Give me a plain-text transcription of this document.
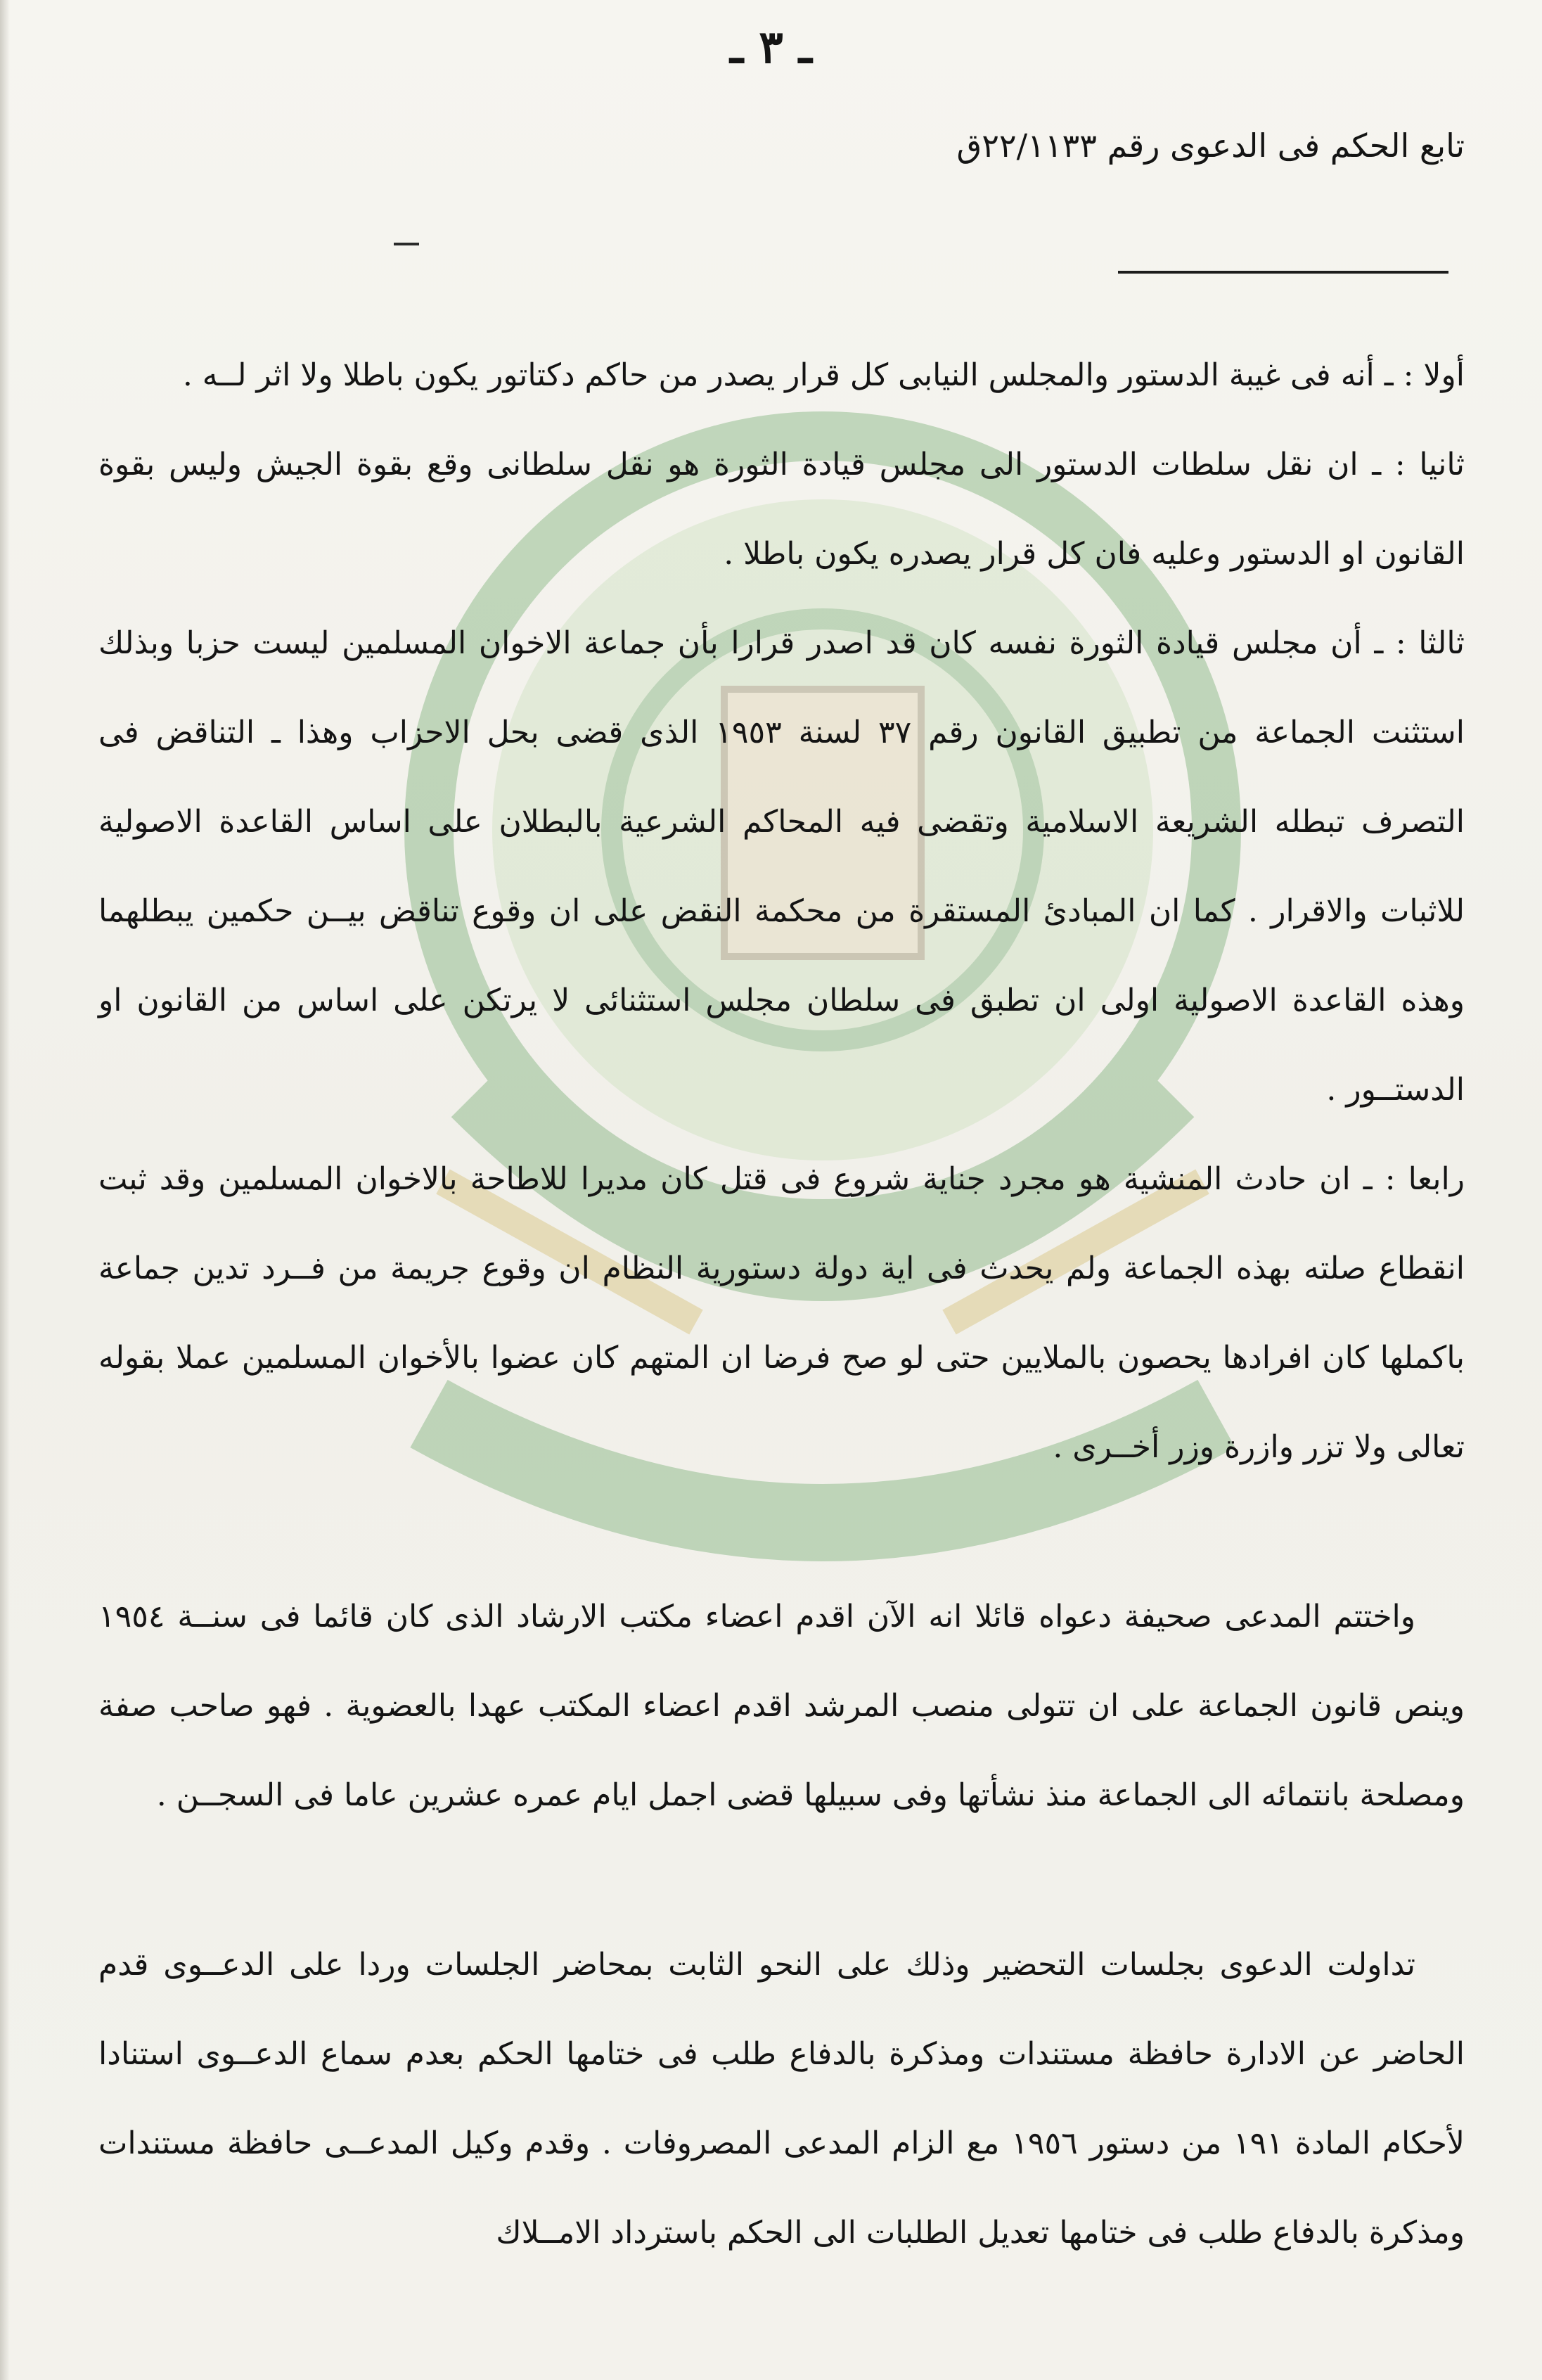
ـ ٣ ـ
تابع الحكم فى الدعوى رقم ٢٢/١١٣٣ق

أولا : ـ أنه فى غيبة الدستور والمجلس النيابى كل قرار يصدر من حاكم دكتاتور يكون باطلا ولا اثر لــه .

ثانيا : ـ ان نقل سلطات الدستور الى مجلس قيادة الثورة هو نقل سلطانى وقع بقوة الجيش وليس بقوة القانون او الدستور وعليه فان كل قرار يصدره يكون باطلا .

ثالثا : ـ أن مجلس قيادة الثورة نفسه كان قد اصدر قرارا بأن جماعة الاخوان المسلمين ليست حزبا وبذلك استثنت الجماعة من تطبيق القانون رقم ٣٧ لسنة ١٩٥٣ الذى قضى بحل الاحزاب وهذا ـ التناقض فى التصرف تبطله الشريعة الاسلامية وتقضى فيه المحاكم الشرعية بالبطلان على اساس القاعدة الاصولية للاثبات والاقرار . كما ان المبادئ المستقرة من محكمة النقض على ان وقوع تناقض بيــن حكمين يبطلهما وهذه القاعدة الاصولية اولى ان تطبق فى سلطان مجلس استثنائى لا يرتكن على اساس من القانون او الدستــور .

رابعا : ـ ان حادث المنشية هو مجرد جناية شروع فى قتل كان مديرا للاطاحة بالاخوان المسلمين وقد ثبت انقطاع صلته بهذه الجماعة ولم يحدث فى اية دولة دستورية النظام ان وقوع جريمة من فــرد تدين جماعة باكملها كان افرادها يحصون بالملايين حتى لو صح فرضا ان المتهم كان عضوا بالأخوان المسلمين عملا بقوله تعالى ولا تزر وازرة وزر أخــرى .

واختتم المدعى صحيفة دعواه قائلا انه الآن اقدم اعضاء مكتب الارشاد الذى كان قائما فى سنــة ١٩٥٤ وينص قانون الجماعة على ان تتولى منصب المرشد اقدم اعضاء المكتب عهدا بالعضوية . فهو صاحب صفة ومصلحة بانتمائه الى الجماعة منذ نشأتها وفى سبيلها قضى اجمل ايام عمره عشرين عاما فى السجــن .

تداولت الدعوى بجلسات التحضير وذلك على النحو الثابت بمحاضر الجلسات وردا على الدعــوى قدم الحاضر عن الادارة حافظة مستندات ومذكرة بالدفاع طلب فى ختامها الحكم بعدم سماع الدعــوى استنادا لأحكام المادة ١٩١ من دستور ١٩٥٦ مع الزام المدعى المصروفات . وقدم وكيل المدعــى حافظة مستندات ومذكرة بالدفاع طلب فى ختامها تعديل الطلبات الى الحكم باسترداد الامــلاك
